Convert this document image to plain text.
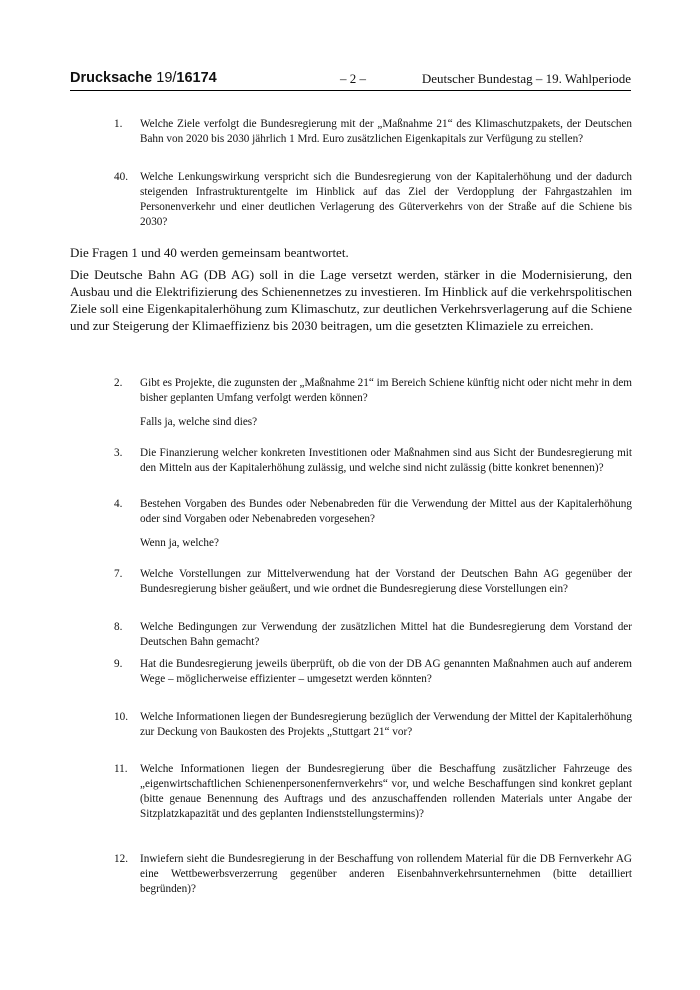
Drucksache 19/16174	– 2 –	Deutscher Bundestag – 19. Wahlperiode
1.	Welche Ziele verfolgt die Bundesregierung mit der „Maßnahme 21“ des Klimaschutzpakets, der Deutschen Bahn von 2020 bis 2030 jährlich 1 Mrd. Euro zusätzlichen Eigenkapitals zur Verfügung zu stellen?
40.	Welche Lenkungswirkung verspricht sich die Bundesregierung von der Kapitalerhöhung und der dadurch steigenden Infrastrukturentgelte im Hinblick auf das Ziel der Verdopplung der Fahrgastzahlen im Personenverkehr und einer deutlichen Verlagerung des Güterverkehrs von der Straße auf die Schiene bis 2030?
Die Fragen 1 und 40 werden gemeinsam beantwortet.
Die Deutsche Bahn AG (DB AG) soll in die Lage versetzt werden, stärker in die Modernisierung, den Ausbau und die Elektrifizierung des Schienennetzes zu investieren. Im Hinblick auf die verkehrspolitischen Ziele soll eine Eigenkapitalerhöhung zum Klimaschutz, zur deutlichen Verkehrsverlagerung auf die Schiene und zur Steigerung der Klimaeffizienz bis 2030 beitragen, um die gesetzten Klimaziele zu erreichen.
2.	Gibt es Projekte, die zugunsten der „Maßnahme 21“ im Bereich Schiene künftig nicht oder nicht mehr in dem bisher geplanten Umfang verfolgt werden können?
Falls ja, welche sind dies?
3.	Die Finanzierung welcher konkreten Investitionen oder Maßnahmen sind aus Sicht der Bundesregierung mit den Mitteln aus der Kapitalerhöhung zulässig, und welche sind nicht zulässig (bitte konkret benennen)?
4.	Bestehen Vorgaben des Bundes oder Nebenabreden für die Verwendung der Mittel aus der Kapitalerhöhung oder sind Vorgaben oder Nebenabreden vorgesehen?
Wenn ja, welche?
7.	Welche Vorstellungen zur Mittelverwendung hat der Vorstand der Deutschen Bahn AG gegenüber der Bundesregierung bisher geäußert, und wie ordnet die Bundesregierung diese Vorstellungen ein?
8.	Welche Bedingungen zur Verwendung der zusätzlichen Mittel hat die Bundesregierung dem Vorstand der Deutschen Bahn gemacht?
9.	Hat die Bundesregierung jeweils überprüft, ob die von der DB AG genannten Maßnahmen auch auf anderem Wege – möglicherweise effizienter – umgesetzt werden könnten?
10.	Welche Informationen liegen der Bundesregierung bezüglich der Verwendung der Mittel der Kapitalerhöhung zur Deckung von Baukosten des Projekts „Stuttgart 21“ vor?
11.	Welche Informationen liegen der Bundesregierung über die Beschaffung zusätzlicher Fahrzeuge des „eigenwirtschaftlichen Schienenpersonenfernverkehrs“ vor, und welche Beschaffungen sind konkret geplant (bitte genaue Benennung des Auftrags und des anzuschaffenden rollenden Materials unter Angabe der Sitzplatzkapazität und des geplanten Indienststellungstermins)?
12.	Inwiefern sieht die Bundesregierung in der Beschaffung von rollendem Material für die DB Fernverkehr AG eine Wettbewerbsverzerrung gegenüber anderen Eisenbahnverkehrsunternehmen (bitte detailliert begründen)?
